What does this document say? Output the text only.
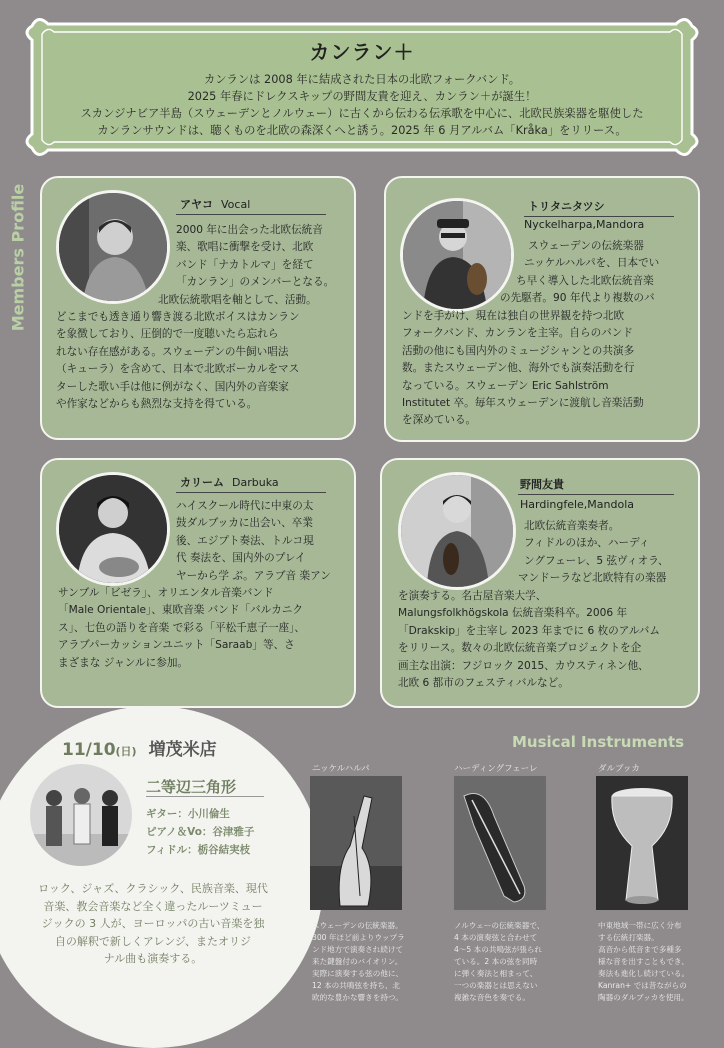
カンラン＋
カンランは 2008 年に結成された日本の北欧フォークバンド。
2025 年春にドレクスキップの野間友貴を迎え、カンラン＋が誕生！
スカンジナビア半島（スウェーデンとノルウェー）に古くから伝わる伝承歌を中心に、北欧民族楽器を駆使した
カンランサウンドは、聴くものを北欧の森深くへと誘う。2025 年 6 月アルバム「Kråka」をリリース。
Members Profile	アヤコ Vocal
2000 年に出会った北欧伝統音
楽、歌唱に衝撃を受け、北欧
バンド「ナカトルマ」を経て
「カンラン」のメンバーとなる。
北欧伝統歌唱を軸として、活動。
どこまでも透き通り響き渡る北欧ボイスはカンラン
を象徴しており、圧倒的で一度聴いたら忘れら
れない存在感がある。スウェーデンの牛飼い唱法
（キューラ）を含めて、日本で北欧ボーカルをマス
ターした歌い手は他に例がなく、国内外の音楽家
や作家などからも熱烈な支持を得ている。
トリタニタツシ
Nyckelharpa,Mandora
スウェーデンの伝統楽器
ニッケルハルパを、日本でい
ち早く導入した北欧伝統音楽
の先駆者。90 年代より複数のバ
ンドを手がけ、現在は独自の世界観を持つ北欧
フォークバンド、カンランを主宰。自らのバンド
活動の他にも国内外のミュージシャンとの共演多
数。またスウェーデン他、海外でも演奏活動を行
なっている。スウェーデン Eric Sahlström
Institutet 卒。毎年スウェーデンに渡航し音楽活動
を深めている。
カリーム Darbuka
ハイスクール時代に中東の太
鼓ダルブッカに出会い、卒業
後、エジプト奏法、トルコ現
代 奏法を、国内外のプレイ
ヤーから学 ぶ。アラブ音 楽アン
サンブル「ビゼラ」、オリエンタル音楽バンド
「Male Orientale」、東欧音楽 バンド「バルカニク
ス」、七色の語りを音楽 で彩る「平松千恵子一座」、
アラブパーカッションユニット「Saraab」等、さ
まざまな ジャンルに参加。
野間友貴
Hardingfele,Mandola
北欧伝統音楽奏者。
フィドルのほか、ハーディ
ングフェーレ、5 弦ヴィオラ、
マンドーラなど北欧特有の楽器
を演奏する。名古屋音楽大学、
Malungsfolkhögskola 伝統音楽科卒。2006 年
「Drakskip」を主宰し 2023 年までに 6 枚のアルバム
をリリース。数々の北欧伝統音楽プロジェクトを企
画主な出演：フジロック 2015、カウスティネン他、
北欧 6 都市のフェスティバルなど。
11/10(日) 増茂米店
二等辺三角形
ギター：小川倫生
ピアノ＆Vo：谷津雅子
フィドル：栃谷結実枝
ロック、ジャズ、クラシック、民族音楽、現代
音楽、教会音楽など全く違ったルーツミュー
ジックの 3 人が、ヨーロッパの古い音楽を独
自の解釈で新しくアレンジ、またオリジ
ナル曲も演奏する。
Musical Instruments
ニッケルハルパ
スウェーデンの伝統楽器。
300 年ほど前よりウップラ
ンド地方で演奏され続けて
来た鍵盤付のバイオリン。
実際に演奏する弦の他に、
12 本の共鳴弦を持ち、北
欧的な豊かな響きを持つ。
ハーディングフェーレ
ノルウェーの伝統楽器で、
4 本の演奏弦と合わせて
4〜5 本の共鳴弦が張られ
ている。2 本の弦を同時
に弾く奏法と相まって、
一つの楽器とは思えない
複雑な音色を奏でる。
ダルブッカ
中東地域一帯に広く分布
する伝統打楽器。
高音から低音まで多種多
様な音を出すこともでき、
奏法も進化し続けている。
Kanran+ では昔ながらの
陶器のダルブッカを使用。
